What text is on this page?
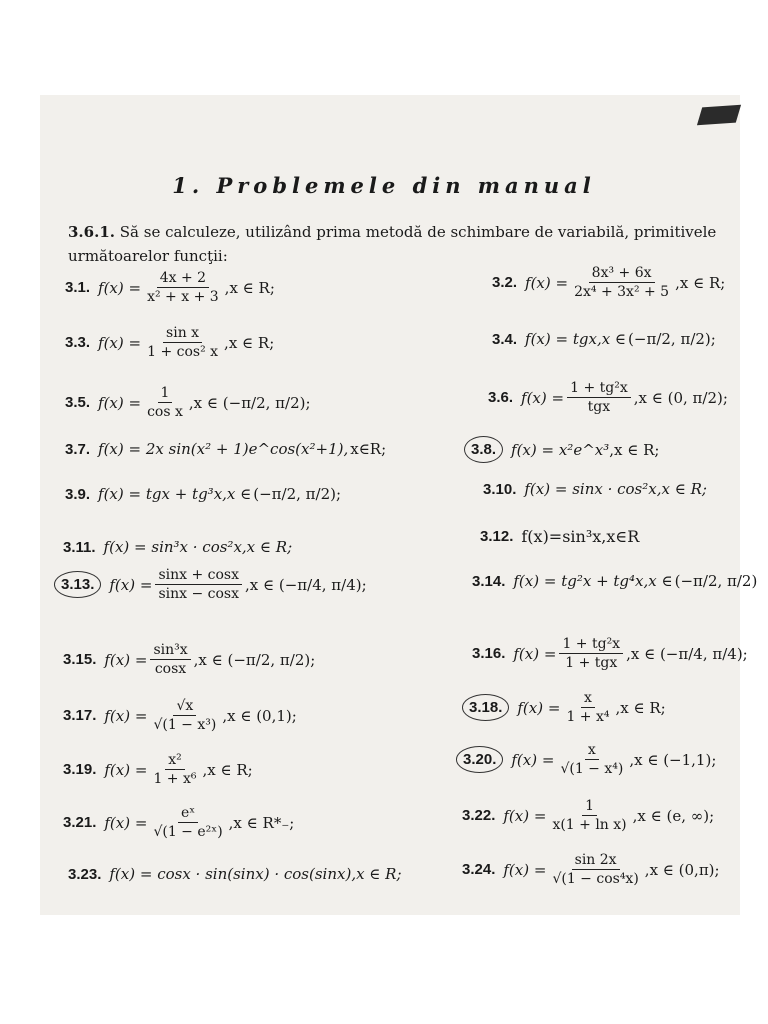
1. Problemele din manual
3.6.1. Să se calculeze, utilizând prima metodă de schimbare de variabilă, primitivele următoarelor funcţii:
3.1. $f(x) = \frac{4x + 2}{\text{x² + x + 3}} ,x$ ∈ R;	3.2. $f(x) = \frac{\text{8x³ + 6x}}{\text{2x⁴ + 3x² + 5}} ,x$ ∈ R;
3.3. $f(x) = \frac{\text{sin x}}{\text{1 + cos² x}} ,x$ ∈ R;	3.4. f(x) = tgx,x ∈ (−π/2, π/2);
3.5. $f(x) = \frac{1}{\text{cos x}} ,x$ ∈ (−π/2, π/2);	3.6. $f(x) = \frac{\text{1 + tg²x}}{\text{tgx}} ,x$ ∈ (0, π/2);
3.7. f(x) = 2x sin(x² + 1)e^cos(x²+1), x∈R;	3.8.	f(x) = x²e^x³ ,x ∈ R;
3.9. f(x) = tgx + tg³x,x ∈ (−π/2, π/2);	3.10. f(x) = sinx · cos²x,x ∈ R;
3.11. f(x) = sin³x · cos²x,x ∈ R;
3.12. f(x)=sin³x,x∈R
3.13.	$f(x) = \frac{\sin x + \cos x}{\sin x - \cos x} ,x$ ∈ (−π/4, π/4);	3.14. f(x) = tg²x + tg⁴x,x ∈ (−π/2, π/2)
3.15. $f(x) = \frac{\text{sin³x}}{\cos x} ,x$ ∈ (−π/2, π/2);	3.16. $f(x) = \frac{\text{1 + tg²x}}{\text{1 + tgx}} ,x$ ∈ (−π/4, π/4);
3.17. $f(x) = \frac{√x}{\text{√(1 − x³)}} ,x$ ∈ (0,1);	3.18.	$f(x) = \frac{x}{\text{1 + x⁴}} ,x$ ∈ R;
3.19. $f(x) = \frac{\text{x²}}{\text{1 + x⁶}} ,x$ ∈ R;
3.20.	$f(x) = \frac{x}{\text{√(1 − x⁴)}} ,x$ ∈ (−1,1);
3.21. $f(x) = \frac{\text{eˣ}}{\text{√(1 − e²ˣ)}} ,x$ ∈ R*₋;	3.22. $f(x) = \frac{1}{\text{x(1 + ln x)}} ,x$ ∈ (e, ∞);
3.23. f(x) = cosx · sin(sinx) · cos(sinx),x ∈ R;	3.24. $f(x) = \frac{\sin 2x}{\text{√(1 − cos⁴x)}} ,x$ ∈ (0,π);
